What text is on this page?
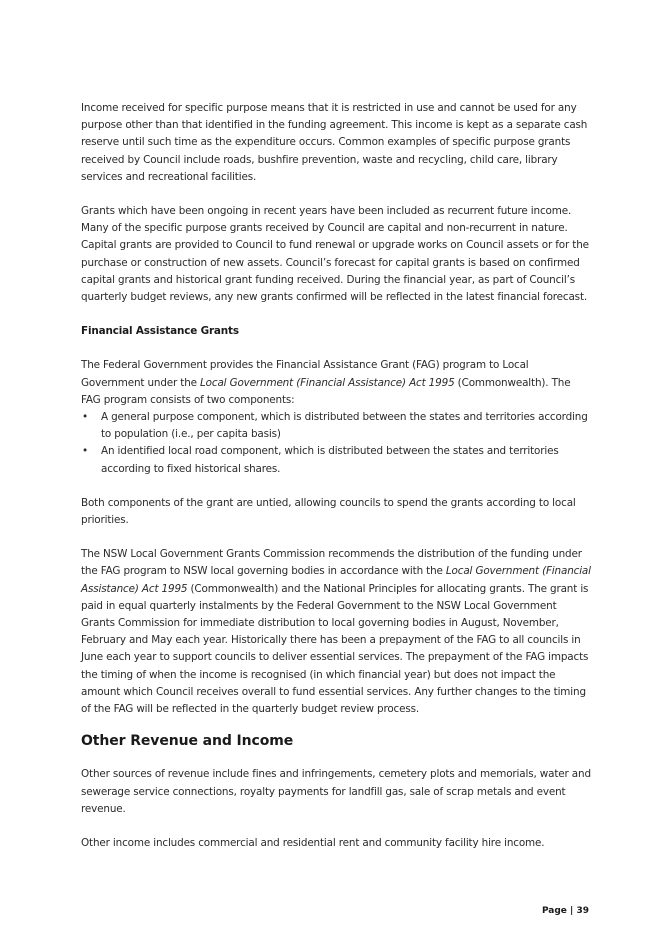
Income received for specific purpose means that it is restricted in use and cannot be used for any purpose other than that identified in the funding agreement. This income is kept as a separate cash reserve until such time as the expenditure occurs. Common examples of specific purpose grants received by Council include roads, bushfire prevention, waste and recycling, child care, library services and recreational facilities.

Grants which have been ongoing in recent years have been included as recurrent future income. Many of the specific purpose grants received by Council are capital and non-recurrent in nature. Capital grants are provided to Council to fund renewal or upgrade works on Council assets or for the purchase or construction of new assets. Council’s forecast for capital grants is based on confirmed capital grants and historical grant funding received. During the financial year, as part of Council’s quarterly budget reviews, any new grants confirmed will be reflected in the latest financial forecast.

Financial Assistance Grants

The Federal Government provides the Financial Assistance Grant (FAG) program to Local Government under the Local Government (Financial Assistance) Act 1995 (Commonwealth). The FAG program consists of two components:

• A general purpose component, which is distributed between the states and territories according to population (i.e., per capita basis)
• An identified local road component, which is distributed between the states and territories according to fixed historical shares.

Both components of the grant are untied, allowing councils to spend the grants according to local priorities.

The NSW Local Government Grants Commission recommends the distribution of the funding under the FAG program to NSW local governing bodies in accordance with the Local Government (Financial Assistance) Act 1995 (Commonwealth) and the National Principles for allocating grants. The grant is paid in equal quarterly instalments by the Federal Government to the NSW Local Government Grants Commission for immediate distribution to local governing bodies in August, November, February and May each year. Historically there has been a prepayment of the FAG to all councils in June each year to support councils to deliver essential services. The prepayment of the FAG impacts the timing of when the income is recognised (in which financial year) but does not impact the amount which Council receives overall to fund essential services. Any further changes to the timing of the FAG will be reflected in the quarterly budget review process.

Other Revenue and Income

Other sources of revenue include fines and infringements, cemetery plots and memorials, water and sewerage service connections, royalty payments for landfill gas, sale of scrap metals and event revenue.

Other income includes commercial and residential rent and community facility hire income.

Page | 39
